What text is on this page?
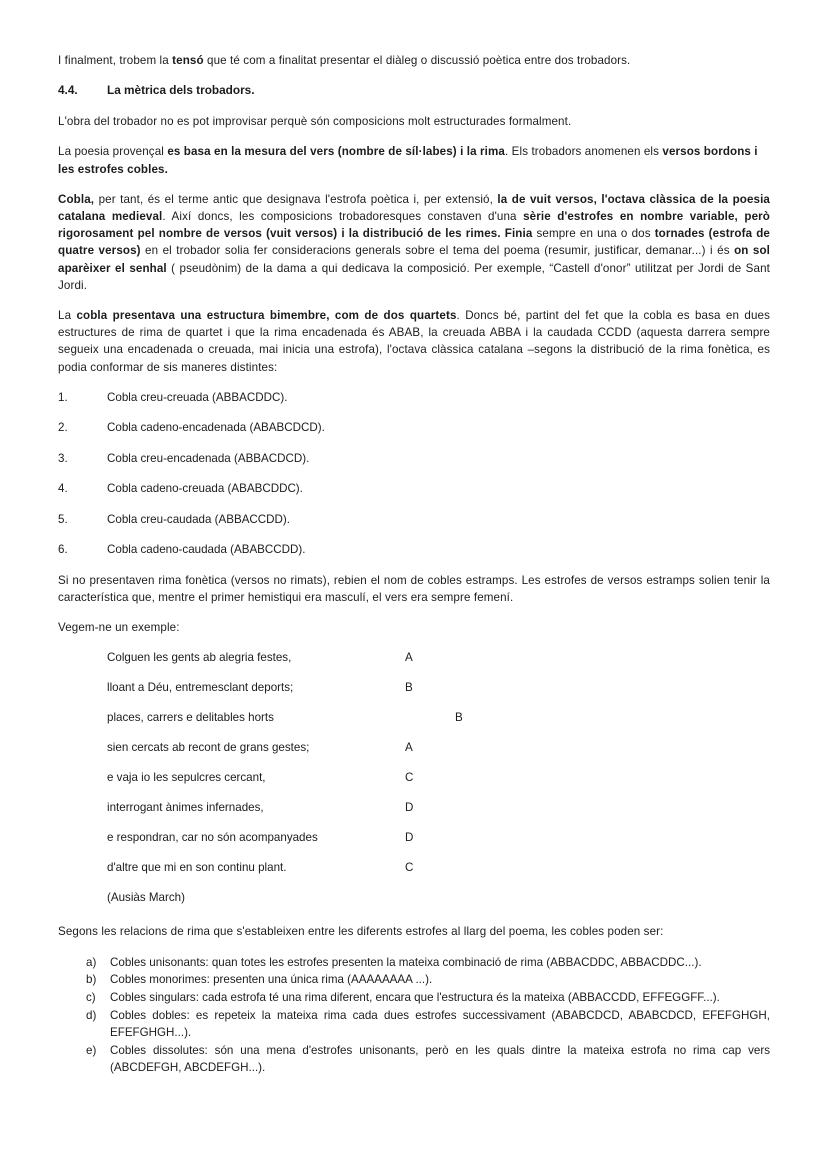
I finalment, trobem la tensó que té com a finalitat presentar el diàleg o discussió poètica entre dos trobadors.

4.4.	La mètrica dels trobadors.

L'obra del trobador no es pot improvisar perquè són composicions molt estructurades formalment.

La poesia provençal es basa en la mesura del vers (nombre de síl·labes) i la rima. Els trobadors anomenen els versos bordons i les estrofes cobles.

Cobla, per tant, és el terme antic que designava l'estrofa poètica i, per extensió, la de vuit versos, l'octava clàssica de la poesia catalana medieval. Així doncs, les composicions trobadoresques constaven d'una sèrie d'estrofes en nombre variable, però rigorosament pel nombre de versos (vuit versos) i la distribució de les rimes. Finia sempre en una o dos tornades (estrofa de quatre versos) en el trobador solia fer consideracions generals sobre el tema del poema (resumir, justificar, demanar...) i és on sol aparèixer el senhal ( pseudònim) de la dama a qui dedicava la composició. Per exemple, “Castell d'onor” utilitzat per Jordi de Sant Jordi.

La cobla presentava una estructura bimembre, com de dos quartets. Doncs bé, partint del fet que la cobla es basa en dues estructures de rima de quartet i que la rima encadenada és ABAB, la creuada ABBA i la caudada CCDD (aquesta darrera sempre segueix una encadenada o creuada, mai inicia una estrofa), l'octava clàssica catalana –segons la distribució de la rima fonètica, es podia conformar de sis maneres distintes:

1.	Cobla creu-creuada (ABBACDDC).
2.	Cobla cadeno-encadenada (ABABCDCD).
3.	Cobla creu-encadenada (ABBACDCD).
4.	Cobla cadeno-creuada (ABABCDDC).
5.	Cobla creu-caudada (ABBACCDD).
6.	Cobla cadeno-caudada (ABABCCDD).

Si no presentaven rima fonètica (versos no rimats), rebien el nom de cobles estramps. Les estrofes de versos estramps solien tenir la característica que, mentre el primer hemistiqui era masculí, el vers era sempre femení.

Vegem-ne un exemple:

Colguen les gents ab alegria festes,	A
lloant a Déu, entremesclant deports;	B
places, carrers e delitables horts	B
sien cercats ab recont de grans gestes;	A
e vaja io les sepulcres cercant,	C
interrogant ànimes infernades,	D
e respondran, car no són acompanyades	D
d'altre que mi en son continu plant.	C
(Ausiàs March)

Segons les relacions de rima que s'estableixen entre les diferents estrofes al llarg del poema, les cobles poden ser:

a)	Cobles unisonants: quan totes les estrofes presenten la mateixa combinació de rima (ABBACDDC, ABBACDDC...).
b)	Cobles monorimes: presenten una única rima (AAAAAAAA ...).
c)	Cobles singulars: cada estrofa té una rima diferent, encara que l'estructura és la mateixa (ABBACCDD, EFFEGGFF...).
d)	Cobles dobles: es repeteix la mateixa rima cada dues estrofes successivament (ABABCDCD, ABABCDCD, EFEFGHGH, EFEFGHGH...).
e)	Cobles dissolutes: són una mena d'estrofes unisonants, però en les quals dintre la mateixa estrofa no rima cap vers (ABCDEFGH, ABCDEFGH...).
